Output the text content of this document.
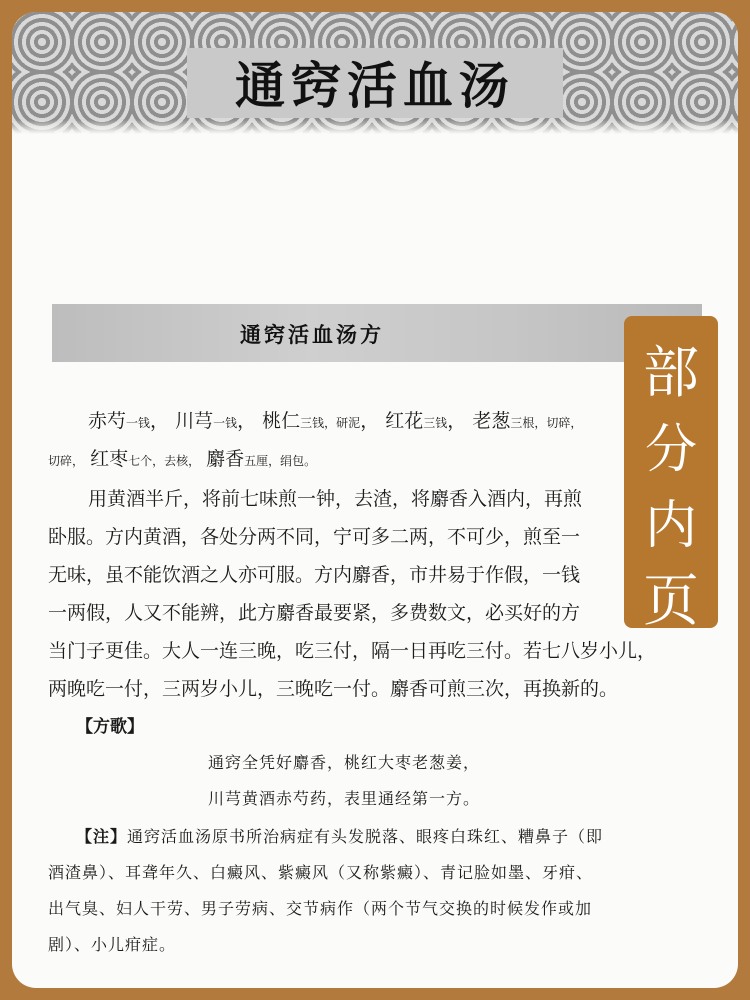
通窍活血汤
通窍活血汤方

赤芍一钱， 川芎一钱， 桃仁三钱，研泥， 红花三钱， 老葱三根，切碎，

切碎， 红枣七个，去核， 麝香五厘，绢包。

用黄酒半斤，将前七味煎一钟，去渣，将麝香入酒内，再煎

卧服。方内黄酒，各处分两不同，宁可多二两，不可少，煎至一

无味，虽不能饮酒之人亦可服。方内麝香，市井易于作假，一钱

一两假，人又不能辨，此方麝香最要紧，多费数文，必买好的方

当门子更佳。大人一连三晚，吃三付，隔一日再吃三付。若七八岁小儿，

两晚吃一付，三两岁小儿，三晚吃一付。麝香可煎三次，再换新的。

【方歌】

通窍全凭好麝香，桃红大枣老葱姜，

川芎黄酒赤芍药，表里通经第一方。

【注】通窍活血汤原书所治病症有头发脱落、眼疼白珠红、糟鼻子（即

酒渣鼻）、耳聋年久、白癜风、紫癜风（又称紫癜）、青记脸如墨、牙疳、

出气臭、妇人干劳、男子劳病、交节病作（两个节气交换的时候发作或加

剧）、小儿疳症。

部
分内
页
